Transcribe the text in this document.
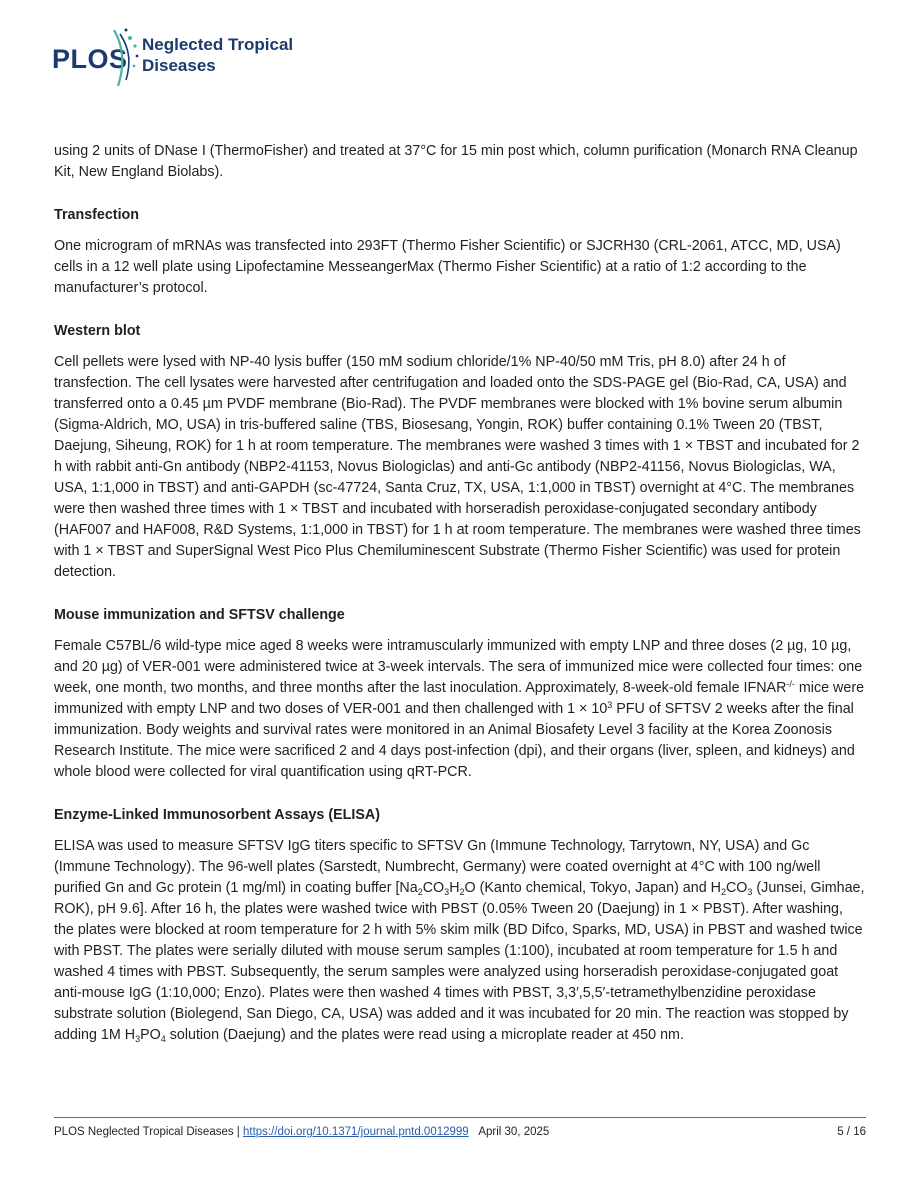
PLOS Neglected Tropical
Diseases

using 2 units of DNase I (ThermoFisher) and treated at 37°C for 15 min post which, column purification (Monarch RNA Cleanup Kit, New England Biolabs).

Transfection

One microgram of mRNAs was transfected into 293FT (Thermo Fisher Scientific) or SJCRH30 (CRL-2061, ATCC, MD, USA) cells in a 12 well plate using Lipofectamine MesseangerMax (Thermo Fisher Scientific) at a ratio of 1:2 according to the manufacturer’s protocol.

Western blot

Cell pellets were lysed with NP-40 lysis buffer (150 mM sodium chloride/1% NP-40/50 mM Tris, pH 8.0) after 24 h of transfection. The cell lysates were harvested after centrifugation and loaded onto the SDS-PAGE gel (Bio-Rad, CA, USA) and transferred onto a 0.45 µm PVDF membrane (Bio-Rad). The PVDF membranes were blocked with 1% bovine serum albumin (Sigma-Aldrich, MO, USA) in tris-buffered saline (TBS, Biosesang, Yongin, ROK) buffer containing 0.1% Tween 20 (TBST, Daejung, Siheung, ROK) for 1 h at room temperature. The membranes were washed 3 times with 1 × TBST and incubated for 2 h with rabbit anti-Gn antibody (NBP2-41153, Novus Biologiclas) and anti-Gc antibody (NBP2-41156, Novus Biologiclas, WA, USA, 1:1,000 in TBST) and anti-GAPDH (sc-47724, Santa Cruz, TX, USA, 1:1,000 in TBST) overnight at 4°C. The membranes were then washed three times with 1 × TBST and incubated with horseradish peroxidase-conjugated secondary antibody (HAF007 and HAF008, R&D Systems, 1:1,000 in TBST) for 1 h at room temperature. The membranes were washed three times with 1 × TBST and SuperSignal West Pico Plus Chemiluminescent Substrate (Thermo Fisher Scientific) was used for protein detection.

Mouse immunization and SFTSV challenge

Female C57BL/6 wild-type mice aged 8 weeks were intramuscularly immunized with empty LNP and three doses (2 µg, 10 µg, and 20 µg) of VER-001 were administered twice at 3-week intervals. The sera of immunized mice were collected four times: one week, one month, two months, and three months after the last inoculation. Approximately, 8-week-old female IFNAR-/- mice were immunized with empty LNP and two doses of VER-001 and then challenged with $1 \times 10^3$ PFU of SFTSV 2 weeks after the final immunization. Body weights and survival rates were monitored in an Animal Biosafety Level 3 facility at the Korea Zoonosis Research Institute. The mice were sacrificed 2 and 4 days post-infection (dpi), and their organs (liver, spleen, and kidneys) and whole blood were collected for viral quantification using qRT-PCR.

Enzyme-Linked Immunosorbent Assays (ELISA)

ELISA was used to measure SFTSV IgG titers specific to SFTSV Gn (Immune Technology, Tarrytown, NY, USA) and Gc (Immune Technology). The 96-well plates (Sarstedt, Numbrecht, Germany) were coated overnight at 4°C with 100 ng/well purified Gn and Gc protein (1 mg/ml) in coating buffer [$Na_2CO_3H_2O$ (Kanto chemical, Tokyo, Japan) and $H_2CO_3$ (Junsei, Gimhae, ROK), pH 9.6]. After 16 h, the plates were washed twice with PBST (0.05% Tween 20 (Daejung) in 1 × PBST). After washing, the plates were blocked at room temperature for 2 h with 5% skim milk (BD Difco, Sparks, MD, USA) in PBST and washed twice with PBST. The plates were serially diluted with mouse serum samples (1:100), incubated at room temperature for 1.5 h and washed 4 times with PBST. Subsequently, the serum samples were analyzed using horseradish peroxidase-conjugated goat anti-mouse IgG (1:10,000; Enzo). Plates were then washed 4 times with PBST, 3,3′,5,5′-tetramethylbenzidine peroxidase substrate solution (Biolegend, San Diego, CA, USA) was added and it was incubated for 20 min. The reaction was stopped by adding 1M $H_3PO_4$ solution (Daejung) and the plates were read using a microplate reader at 450 nm.

PLOS Neglected Tropical Diseases | https://doi.org/10.1371/journal.pntd.0012999 April 30, 2025	5 / 16
